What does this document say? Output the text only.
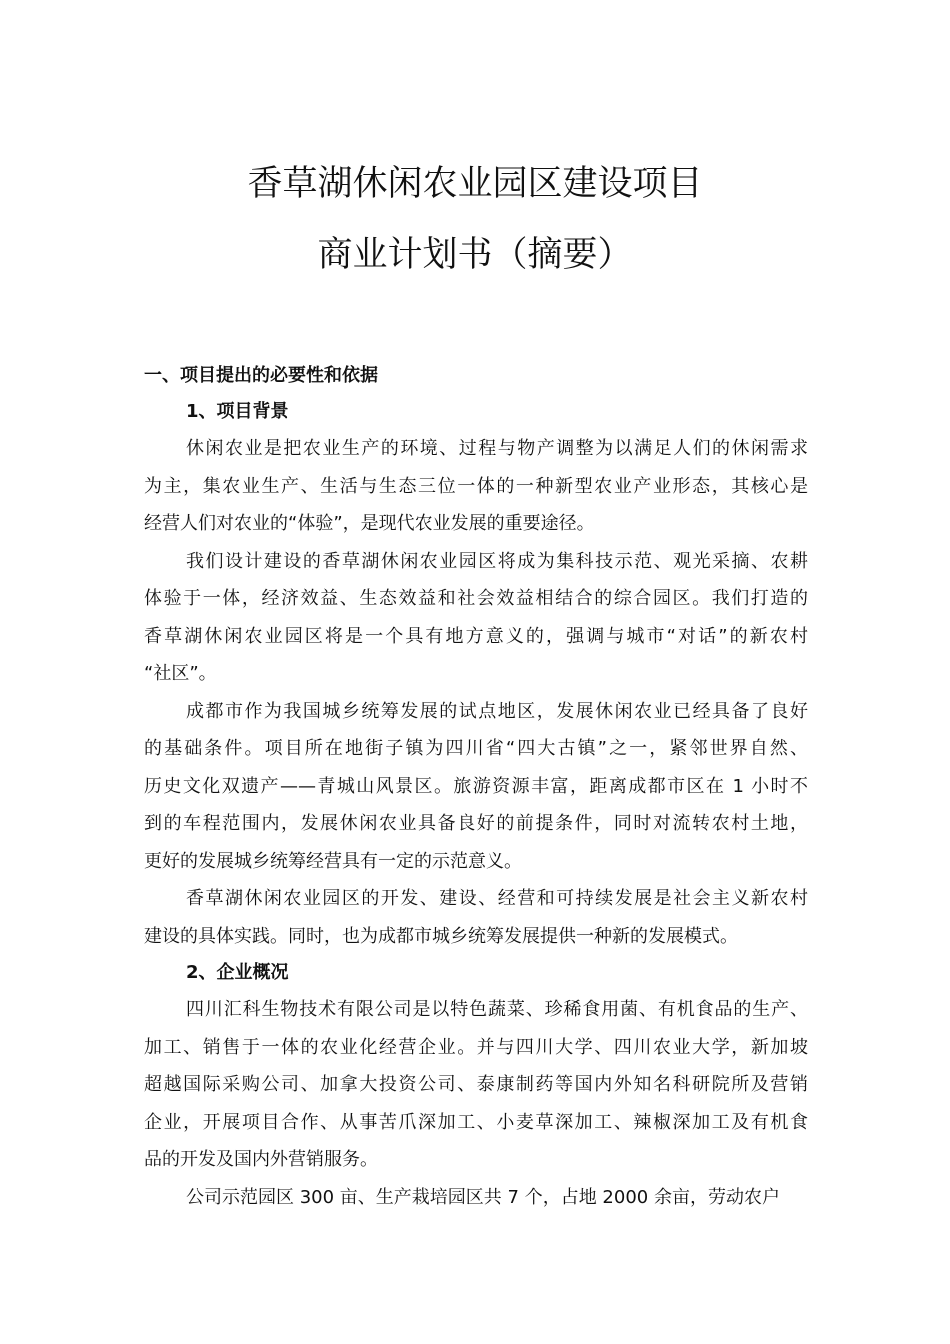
香草湖休闲农业园区建设项目
商业计划书（摘要）
一、项目提出的必要性和依据
1、项目背景
休闲农业是把农业生产的环境、过程与物产调整为以满足人们的休闲需求
为主，集农业生产、生活与生态三位一体的一种新型农业产业形态，其核心是
经营人们对农业的“体验”，是现代农业发展的重要途径。
我们设计建设的香草湖休闲农业园区将成为集科技示范、观光采摘、农耕
体验于一体，经济效益、生态效益和社会效益相结合的综合园区。我们打造的
香草湖休闲农业园区将是一个具有地方意义的，强调与城市“对话”的新农村
“社区”。
成都市作为我国城乡统筹发展的试点地区，发展休闲农业已经具备了良好
的基础条件。项目所在地街子镇为四川省“四大古镇”之一，紧邻世界自然、
历史文化双遗产——青城山风景区。旅游资源丰富，距离成都市区在 1 小时不
到的车程范围内，发展休闲农业具备良好的前提条件，同时对流转农村土地，
更好的发展城乡统筹经营具有一定的示范意义。
香草湖休闲农业园区的开发、建设、经营和可持续发展是社会主义新农村
建设的具体实践。同时，也为成都市城乡统筹发展提供一种新的发展模式。
2、企业概况
四川汇科生物技术有限公司是以特色蔬菜、珍稀食用菌、有机食品的生产、
加工、销售于一体的农业化经营企业。并与四川大学、四川农业大学，新加坡
超越国际采购公司、加拿大投资公司、泰康制药等国内外知名科研院所及营销
企业，开展项目合作、从事苦爪深加工、小麦草深加工、辣椒深加工及有机食
品的开发及国内外营销服务。
公司示范园区 300 亩、生产栽培园区共 7 个，占地 2000 余亩，劳动农户
